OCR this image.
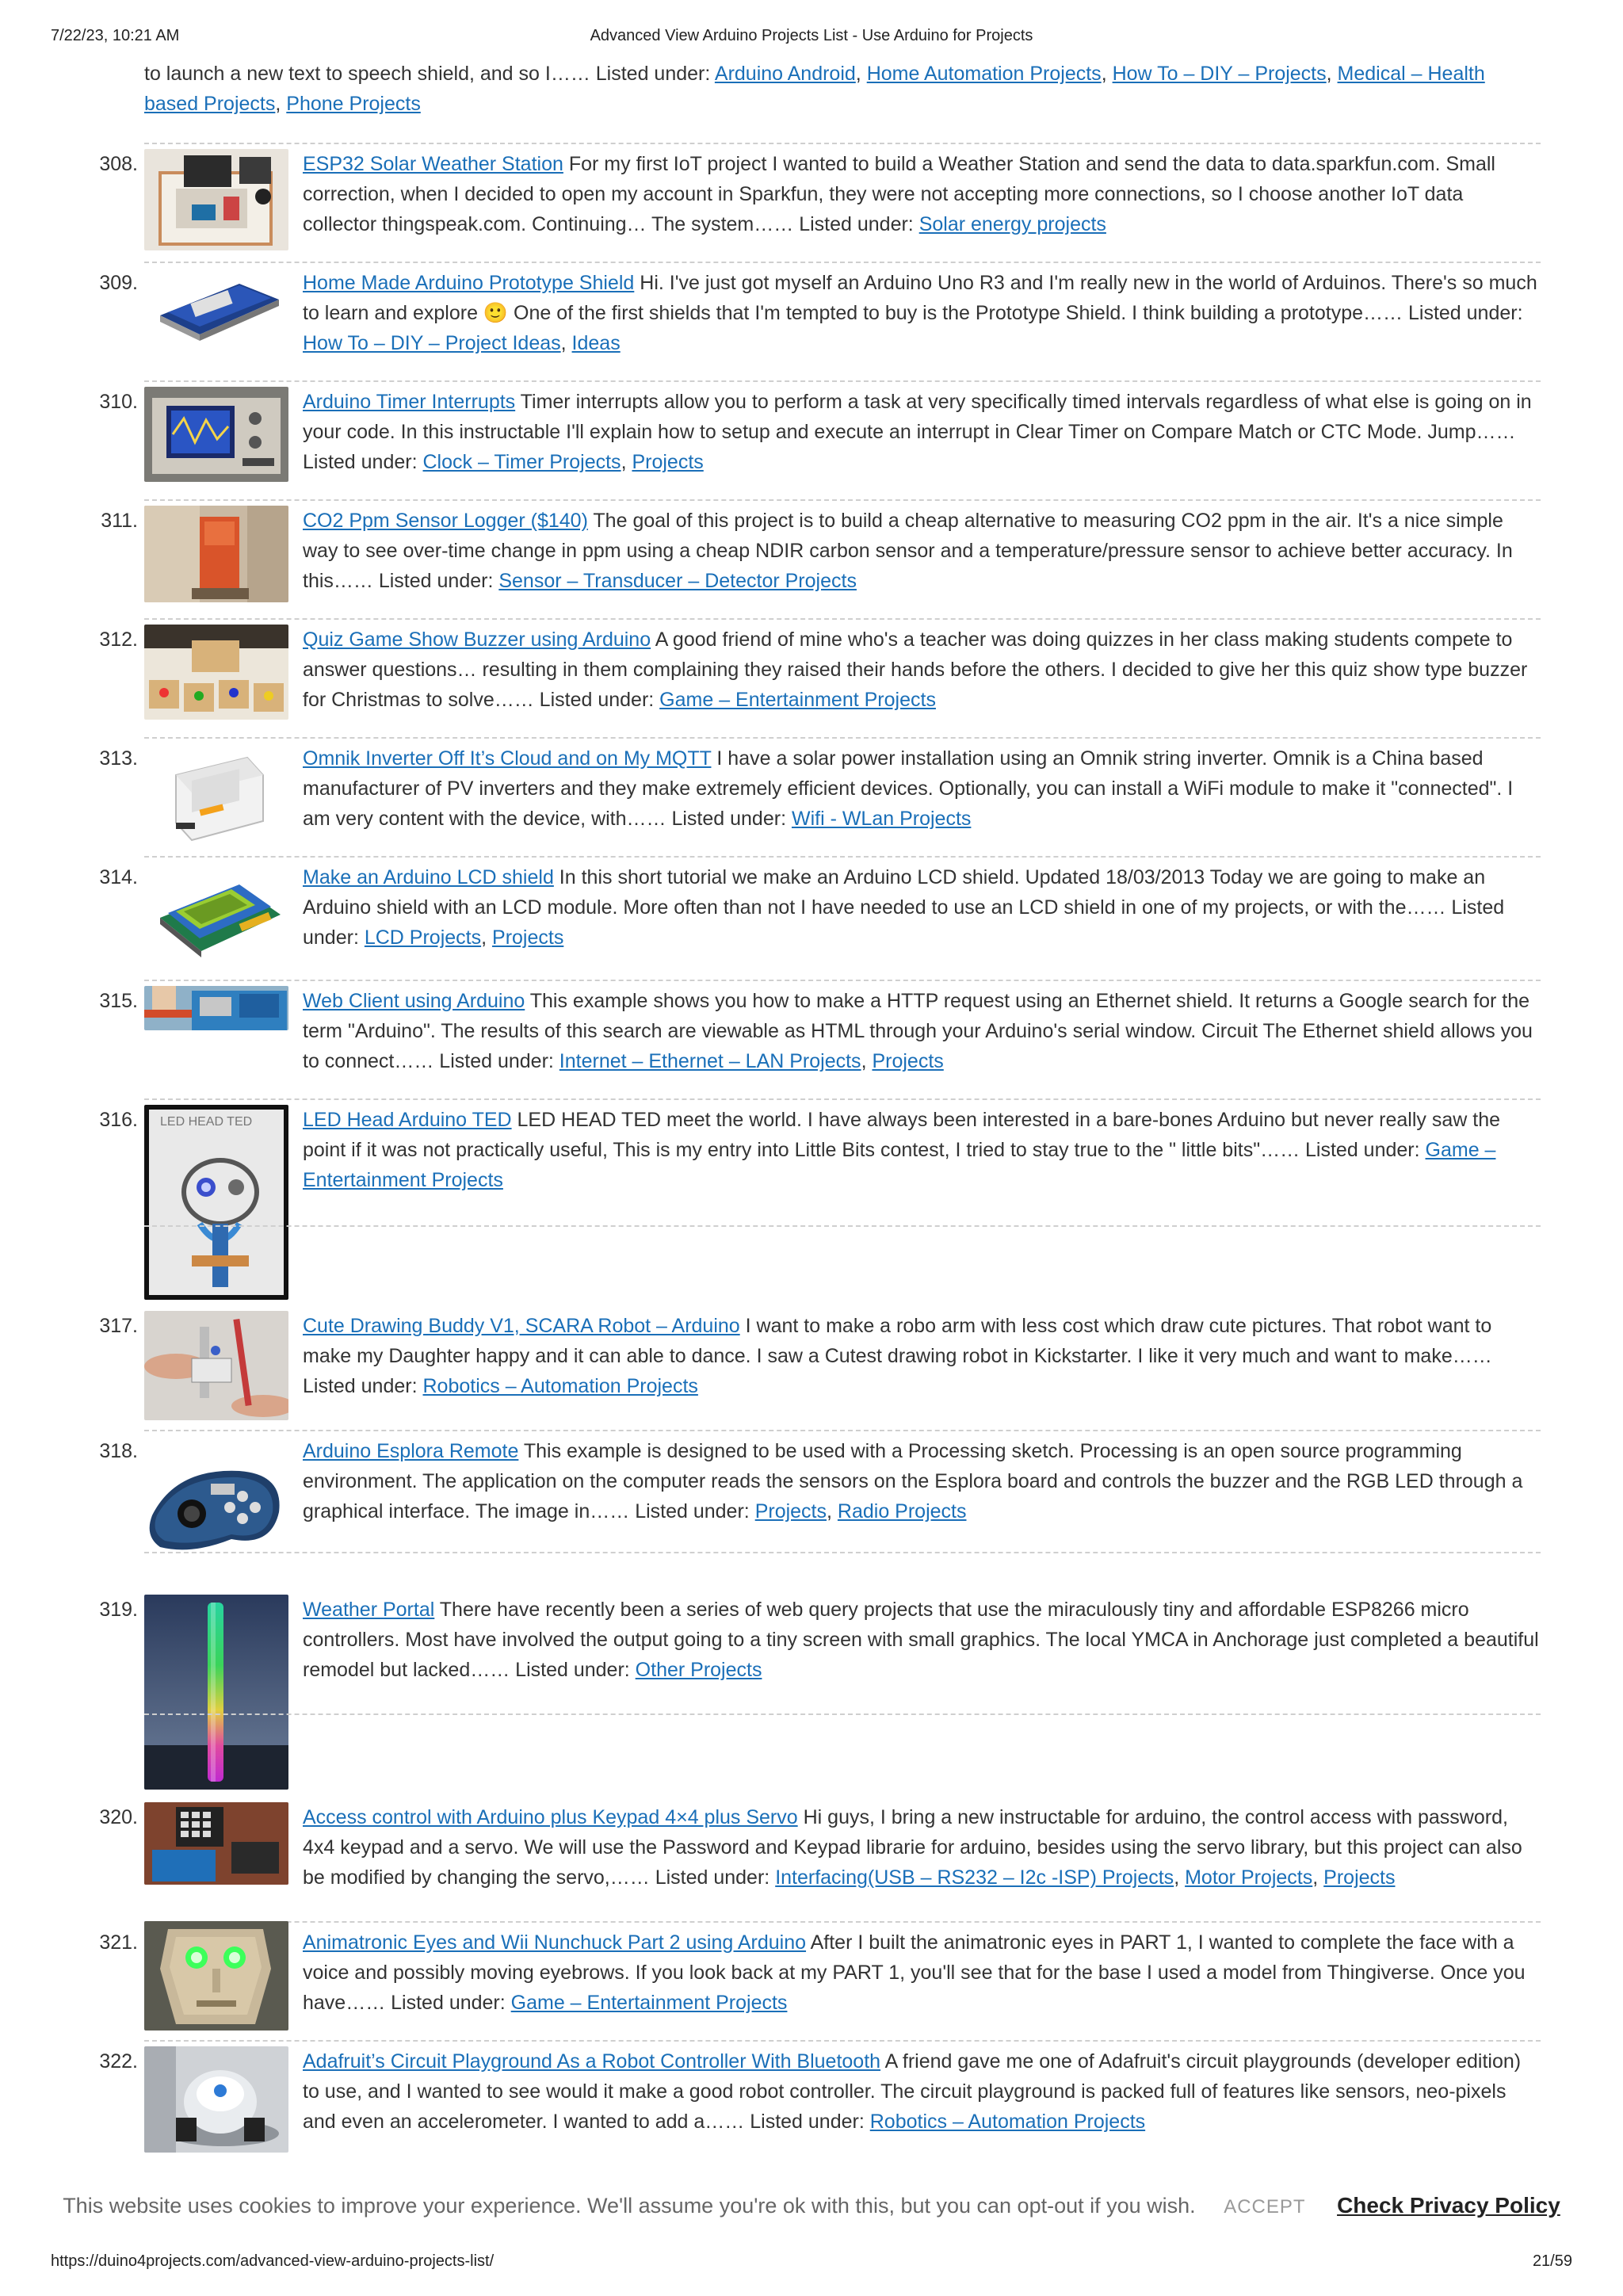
7/22/23, 10:21 AM	Advanced View Arduino Projects List - Use Arduino for Projects
to launch a new text to speech shield, and so I…… Listed under: Arduino Android, Home Automation Projects, How To – DIY – Projects, Medical – Health based Projects, Phone Projects
308.	ESP32 Solar Weather Station For my first IoT project I wanted to build a Weather Station and send the data to data.sparkfun.com. Small correction, when I decided to open my account in Sparkfun, they were not accepting more connections, so I choose another IoT data collector thingspeak.com. Continuing… The system…… Listed under: Solar energy projects
309.	Home Made Arduino Prototype Shield Hi. I've just got myself an Arduino Uno R3 and I'm really new in the world of Arduinos. There's so much to learn and explore 🙂 One of the first shields that I'm tempted to buy is the Prototype Shield. I think building a prototype…… Listed under: How To – DIY – Project Ideas, Ideas
310.	Arduino Timer Interrupts Timer interrupts allow you to perform a task at very specifically timed intervals regardless of what else is going on in your code. In this instructable I'll explain how to setup and execute an interrupt in Clear Timer on Compare Match or CTC Mode. Jump…… Listed under: Clock – Timer Projects, Projects
311.	CO2 Ppm Sensor Logger ($140) The goal of this project is to build a cheap alternative to measuring CO2 ppm in the air. It's a nice simple way to see over-time change in ppm using a cheap NDIR carbon sensor and a temperature/pressure sensor to achieve better accuracy. In this…… Listed under: Sensor – Transducer – Detector Projects
312.	Quiz Game Show Buzzer using Arduino A good friend of mine who's a teacher was doing quizzes in her class making students compete to answer questions… resulting in them complaining they raised their hands before the others. I decided to give her this quiz show type buzzer for Christmas to solve…… Listed under: Game – Entertainment Projects
313.	Omnik Inverter Off It’s Cloud and on My MQTT I have a solar power installation using an Omnik string inverter. Omnik is a China based manufacturer of PV inverters and they make extremely efficient devices. Optionally, you can install a WiFi module to make it "connected". I am very content with the device, with…… Listed under: Wifi - WLan Projects
314.	Make an Arduino LCD shield In this short tutorial we make an Arduino LCD shield. Updated 18/03/2013 Today we are going to make an Arduino shield with an LCD module. More often than not I have needed to use an LCD shield in one of my projects, or with the…… Listed under: LCD Projects, Projects
315.	Web Client using Arduino This example shows you how to make a HTTP request using an Ethernet shield. It returns a Google search for the term "Arduino". The results of this search are viewable as HTML through your Arduino's serial window. Circuit The Ethernet shield allows you to connect…… Listed under: Internet – Ethernet – LAN Projects, Projects
316. LED HEAD TED	LED Head Arduino TED LED HEAD TED meet the world. I have always been interested in a bare-bones Arduino but never really saw the point if it was not practically useful, This is my entry into Little Bits contest, I tried to stay true to the " little bits"…… Listed under: Game – Entertainment Projects
317.	Cute Drawing Buddy V1, SCARA Robot – Arduino I want to make a robo arm with less cost which draw cute pictures. That robot want to make my Daughter happy and it can able to dance. I saw a Cutest drawing robot in Kickstarter. I like it very much and want to make…… Listed under: Robotics – Automation Projects
318.	Arduino Esplora Remote This example is designed to be used with a Processing sketch. Processing is an open source programming environment. The application on the computer reads the sensors on the Esplora board and controls the buzzer and the RGB LED through a graphical interface. The image in…… Listed under: Projects, Radio Projects
319.	Weather Portal There have recently been a series of web query projects that use the miraculously tiny and affordable ESP8266 micro controllers. Most have involved the output going to a tiny screen with small graphics. The local YMCA in Anchorage just completed a beautiful remodel but lacked…… Listed under: Other Projects
320.	Access control with Arduino plus Keypad 4×4 plus Servo Hi guys, I bring a new instructable for arduino, the control access with password, 4x4 keypad and a servo. We will use the Password and Keypad librarie for arduino, besides using the servo library, but this project can also be modified by changing the servo,…… Listed under: Interfacing(USB – RS232 – I2c -ISP) Projects, Motor Projects, Projects
321.	Animatronic Eyes and Wii Nunchuck Part 2 using Arduino After I built the animatronic eyes in PART 1, I wanted to complete the face with a voice and possibly moving eyebrows. If you look back at my PART 1, you'll see that for the base I used a model from Thingiverse. Once you have…… Listed under: Game – Entertainment Projects
322.	Adafruit’s Circuit Playground As a Robot Controller With Bluetooth A friend gave me one of Adafruit's circuit playgrounds (developer edition) to use, and I wanted to see would it make a good robot controller. The circuit playground is packed full of features like sensors, neo-pixels and even an accelerometer. I wanted to add a…… Listed under: Robotics – Automation Projects
This website uses cookies to improve your experience. We'll assume you're ok with this, but you can opt-out if you wish. ACCEPT Check Privacy Policy
https://duino4projects.com/advanced-view-arduino-projects-list/	21/59
